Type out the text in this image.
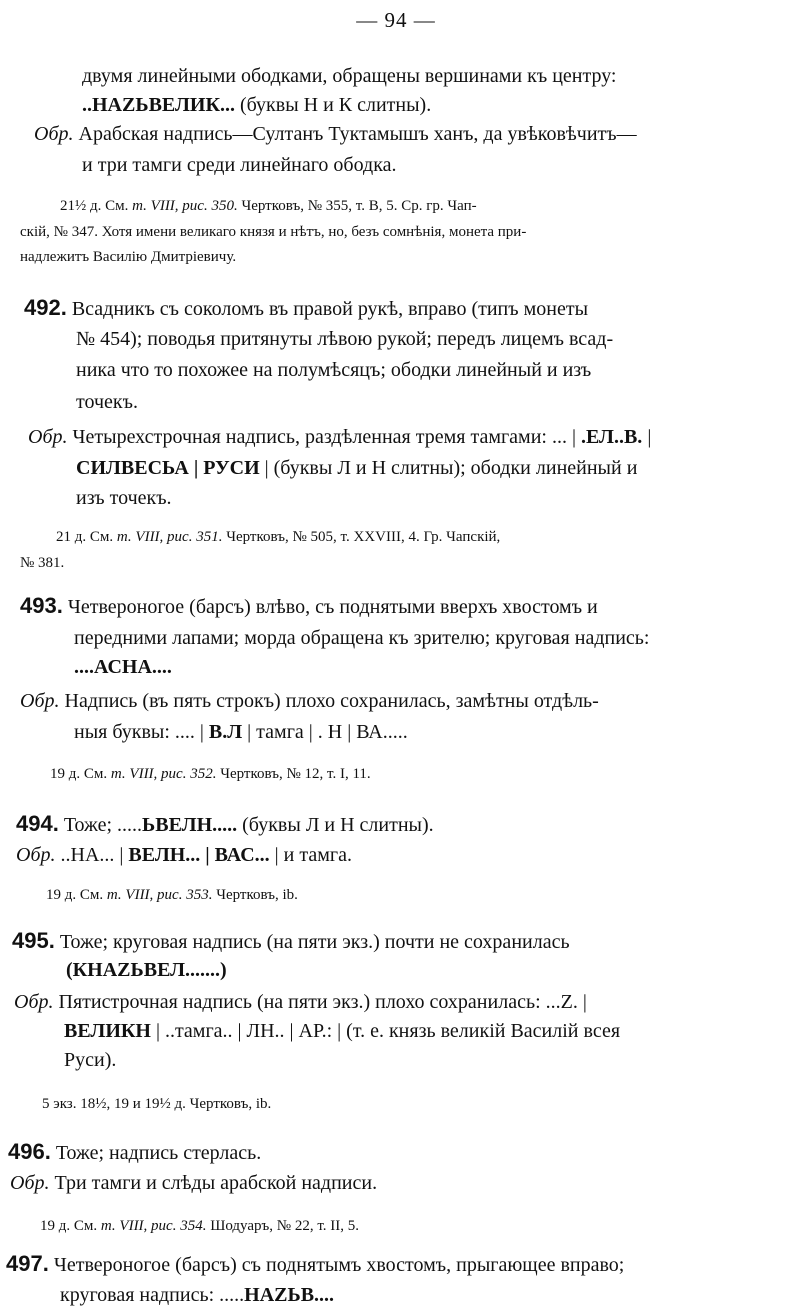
— 94 —
двумя линейными ободками, обращены вершинами къ центру:
..НАZЬВЕЛИК... (буквы Н и К слитны).
Обр. Арабская надпись—Султанъ Туктамышъ ханъ, да увѣковѣчитъ—
и три тамги среди линейнаго ободка.
21½ д. См. т. VIII, рис. 350. Чертковъ, № 355, т. В, 5. Ср. гр. Чап-
скій, № 347. Хотя имени великаго князя и нѣтъ, но, безъ сомнѣнія, монета при-
надлежитъ Василію Дмитріевичу.
492. Всадникъ съ соколомъ въ правой рукѣ, вправо (типъ монеты
№ 454); поводья притянуты лѣвою рукой; передъ лицемъ всад-
ника что то похожее на полумѣсяцъ; ободки линейный и изъ
точекъ.
Обр. Четырехстрочная надпись, раздѣленная тремя тамгами: ... | .ЕЛ..В. |
СИЛВЕСЬА | РУСИ | (буквы Л и Н слитны); ободки линейный и
изъ точекъ.
21 д. См. т. VIII, рис. 351. Чертковъ, № 505, т. XXVIII, 4. Гр. Чапскій,
№ 381.
493. Четвероногое (барсъ) влѣво, съ поднятыми вверхъ хвостомъ и
передними лапами; морда обращена къ зрителю; круговая надпись:
....АСНА....
Обр. Надпись (въ пять строкъ) плохо сохранилась, замѣтны отдѣль-
ныя буквы: .... | В.Л | тамга | . Н | ВА.....
19 д. См. т. VIII, рис. 352. Чертковъ, № 12, т. I, 11.
494. Тоже; .....ЬВЕЛН..... (буквы Л и Н слитны).
Обр. ..НА... | ВЕЛН... | ВАС... | и тамга.
19 д. См. т. VIII, рис. 353. Чертковъ, ib.
495. Тоже; круговая надпись (на пяти экз.) почти не сохранилась
(КНАZЬВЕЛ.......)
Обр. Пятистрочная надпись (на пяти экз.) плохо сохранилась: ...Z. |
ВЕЛИКН | ..тамга.. | ЛН.. | АР.: | (т. е. князь великій Василій всея
Руси).
5 экз. 18½, 19 и 19½ д. Чертковъ, ib.
496. Тоже; надпись стерлась.
Обр. Три тамги и слѣды арабской надписи.
19 д. См. т. VIII, рис. 354. Шодуаръ, № 22, т. II, 5.
497. Четвероногое (барсъ) съ поднятымъ хвостомъ, прыгающее вправо;
круговая надпись: .....НАZЬВ....
